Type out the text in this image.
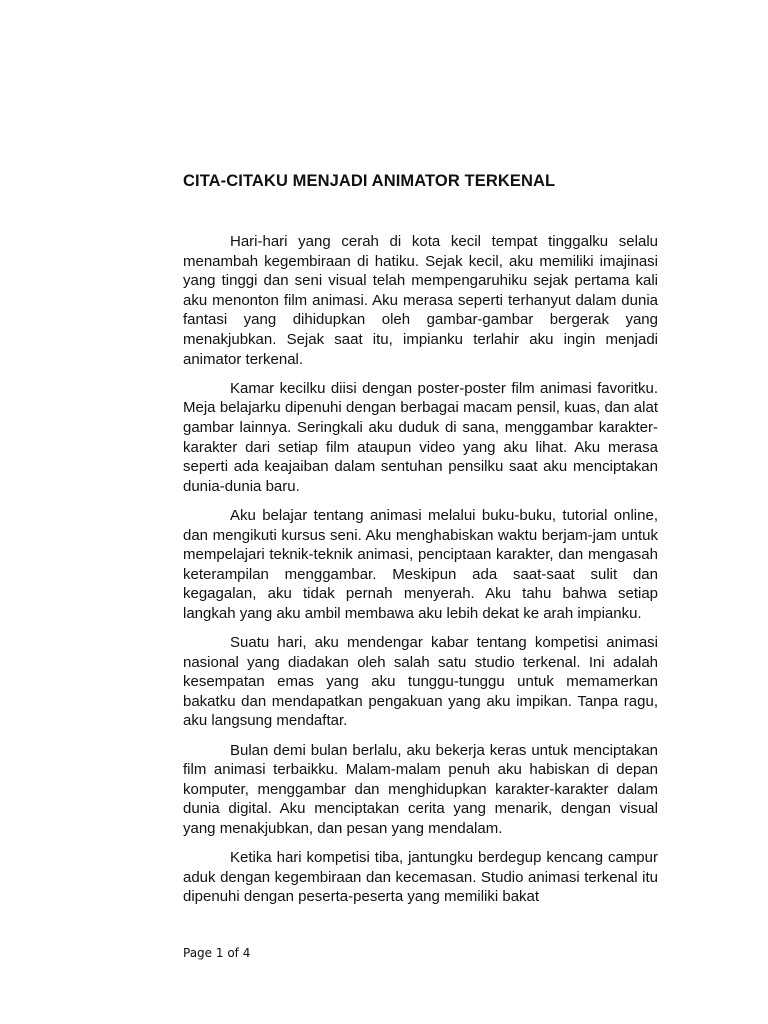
CITA-CITAKU MENJADI ANIMATOR TERKENAL

Hari-hari yang cerah di kota kecil tempat tinggalku selalu menambah kegembiraan di hatiku. Sejak kecil, aku memiliki imajinasi yang tinggi dan seni visual telah mempengaruhiku sejak pertama kali aku menonton film animasi. Aku merasa seperti terhanyut dalam dunia fantasi yang dihidupkan oleh gambar-gambar bergerak yang menakjubkan. Sejak saat itu, impianku terlahir aku ingin menjadi animator terkenal.

Kamar kecilku diisi dengan poster-poster film animasi favoritku. Meja belajarku dipenuhi dengan berbagai macam pensil, kuas, dan alat gambar lainnya. Seringkali aku duduk di sana, menggambar karakter-karakter dari setiap film ataupun video yang aku lihat. Aku merasa seperti ada keajaiban dalam sentuhan pensilku saat aku menciptakan dunia-dunia baru.

Aku belajar tentang animasi melalui buku-buku, tutorial online, dan mengikuti kursus seni. Aku menghabiskan waktu berjam-jam untuk mempelajari teknik-teknik animasi, penciptaan karakter, dan mengasah keterampilan menggambar. Meskipun ada saat-saat sulit dan kegagalan, aku tidak pernah menyerah. Aku tahu bahwa setiap langkah yang aku ambil membawa aku lebih dekat ke arah impianku.

Suatu hari, aku mendengar kabar tentang kompetisi animasi nasional yang diadakan oleh salah satu studio terkenal. Ini adalah kesempatan emas yang aku tunggu-tunggu untuk memamerkan bakatku dan mendapatkan pengakuan yang aku impikan. Tanpa ragu, aku langsung mendaftar.

Bulan demi bulan berlalu, aku bekerja keras untuk menciptakan film animasi terbaikku. Malam-malam penuh aku habiskan di depan komputer, menggambar dan menghidupkan karakter-karakter dalam dunia digital. Aku menciptakan cerita yang menarik, dengan visual yang menakjubkan, dan pesan yang mendalam.

Ketika hari kompetisi tiba, jantungku berdegup kencang campur aduk dengan kegembiraan dan kecemasan. Studio animasi terkenal itu dipenuhi dengan peserta-peserta yang memiliki bakat

Page 1 of 4
